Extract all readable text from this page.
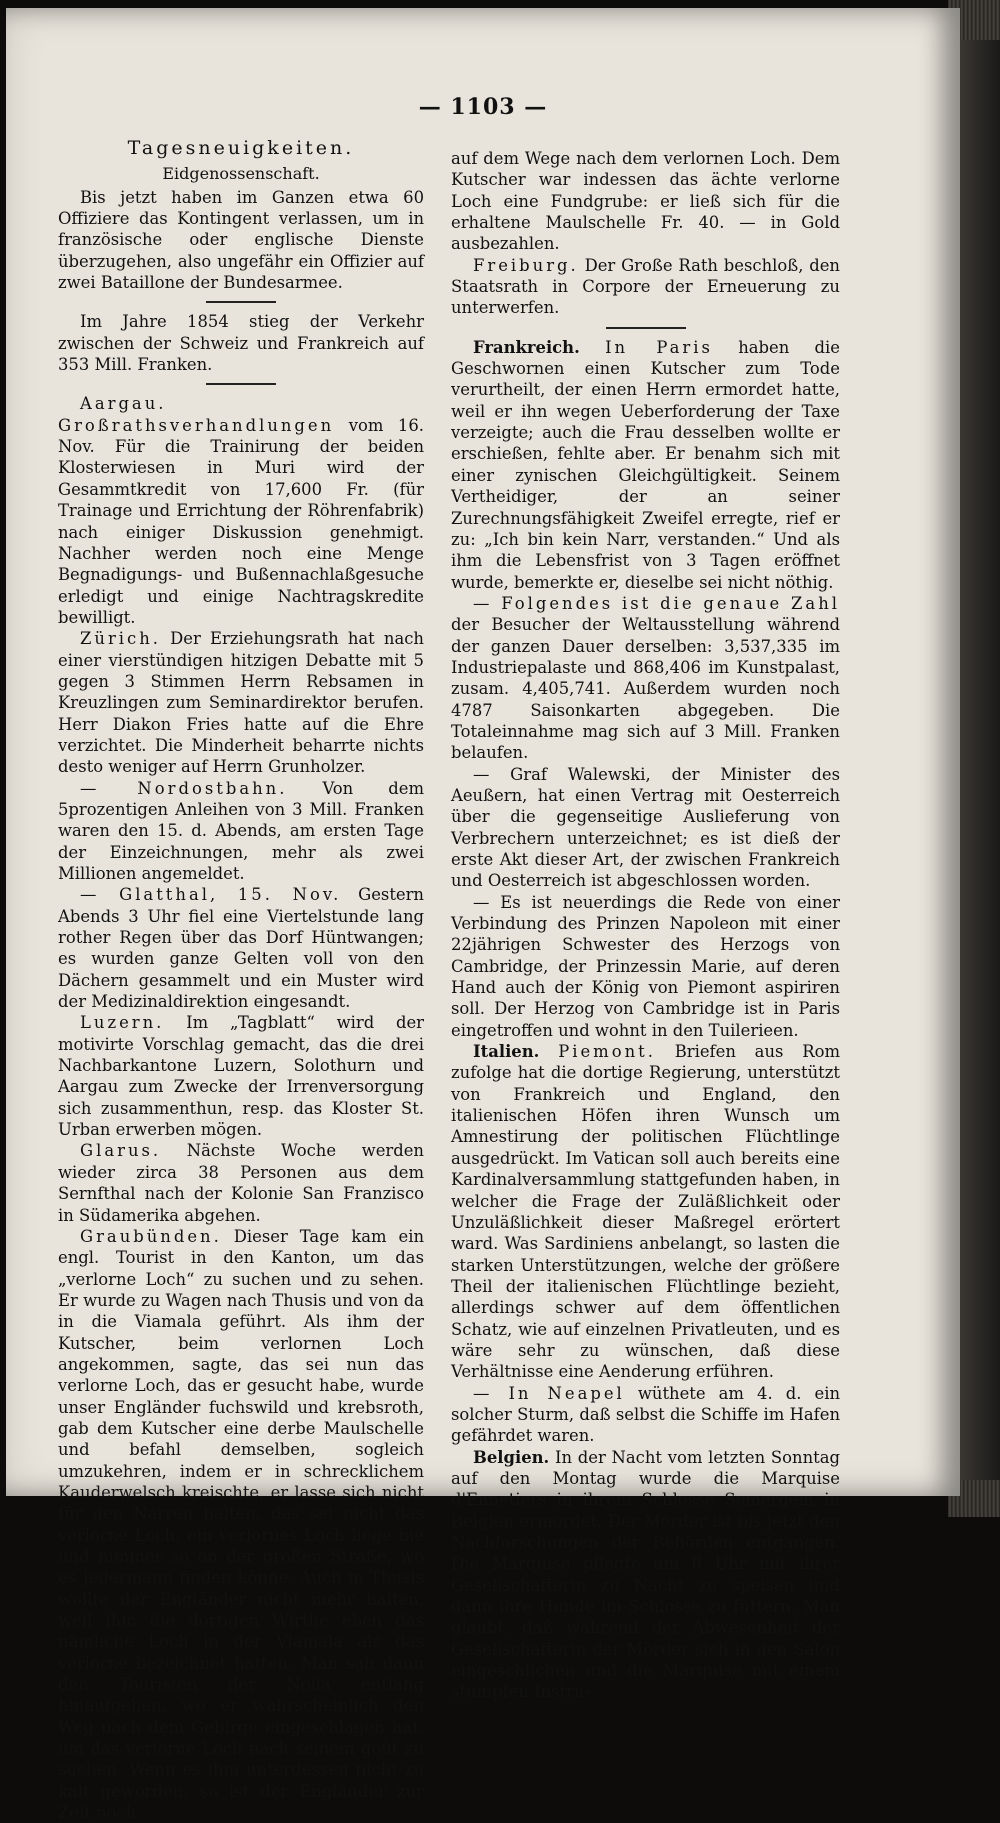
— 1103 —
Tagesneuigkeiten.
Eidgenossenschaft.

Bis jetzt haben im Ganzen etwa 60 Offiziere das Kontingent verlassen, um in französische oder englische Dienste überzugehen, also ungefähr ein Offizier auf zwei Bataillone der Bundesarmee.

Im Jahre 1854 stieg der Verkehr zwischen der Schweiz und Frankreich auf 353 Mill. Franken.

Aargau. Großrathsverhandlungen vom 16. Nov. Für die Trainirung der beiden Klosterwiesen in Muri wird der Gesammtkredit von 17,600 Fr. (für Trainage und Errichtung der Röhrenfabrik) nach einiger Diskussion genehmigt. Nachher werden noch eine Menge Begnadigungs- und Bußennachlaßgesuche erledigt und einige Nachtragskredite bewilligt.

Zürich. Der Erziehungsrath hat nach einer vierstündigen hitzigen Debatte mit 5 gegen 3 Stimmen Herrn Rebsamen in Kreuzlingen zum Seminardirektor berufen. Herr Diakon Fries hatte auf die Ehre verzichtet. Die Minderheit beharrte nichts desto weniger auf Herrn Grunholzer.

— Nordostbahn. Von dem 5prozentigen Anleihen von 3 Mill. Franken waren den 15. d. Abends, am ersten Tage der Einzeichnungen, mehr als zwei Millionen angemeldet.

— Glatthal, 15. Nov. Gestern Abends 3 Uhr fiel eine Viertelstunde lang rother Regen über das Dorf Hüntwangen; es wurden ganze Gelten voll von den Dächern gesammelt und ein Muster wird der Medizinaldirektion eingesandt.

Luzern. Im „Tagblatt“ wird der motivirte Vorschlag gemacht, das die drei Nachbarkantone Luzern, Solothurn und Aargau zum Zwecke der Irrenversorgung sich zusammenthun, resp. das Kloster St. Urban erwerben mögen.

Glarus. Nächste Woche werden wieder zirca 38 Personen aus dem Sernfthal nach der Kolonie San Franzisco in Südamerika abgehen.

Graubünden. Dieser Tage kam ein engl. Tourist in den Kanton, um das „verlorne Loch“ zu suchen und zu sehen. Er wurde zu Wagen nach Thusis und von da in die Viamala geführt. Als ihm der Kutscher, beim verlornen Loch angekommen, sagte, das sei nun das verlorne Loch, das er gesucht habe, wurde unser Engländer fuchswild und krebsroth, gab dem Kutscher eine derbe Maulschelle und befahl demselben, sogleich umzukehren, indem er in schrecklichem Kauderwelsch kreischte, er lasse sich nicht für den Narren halten, das sei nicht das verlorne Loch, ein verlornes Loch liege nie und nimmer so an der großen Straße, wo es Jedermann finden könne. Auch in Thusis wollte der Engländer nicht mehr halten, weil ihm die dortigen Wirthe eben das nämliche Loch in der Viamala als das verlorne bezeichnet hatten. Man sah dann den Touristen der Nolla entlang hinaufgehen, wo er wahrscheinlich den Weg nach dem Gebirge eingeschlagen hat, um das verlorne Loch nach seinem goût zu suchen. Wenn es ihm unterdessen nicht zu kalt geworden, so ist der Engländer zur Zeit noch

auf dem Wege nach dem verlornen Loch. Dem Kutscher war indessen das ächte verlorne Loch eine Fundgrube: er ließ sich für die erhaltene Maulschelle Fr. 40. — in Gold ausbezahlen.

Freiburg. Der Große Rath beschloß, den Staatsrath in Corpore der Erneuerung zu unterwerfen.

Frankreich. In Paris haben die Geschwornen einen Kutscher zum Tode verurtheilt, der einen Herrn ermordet hatte, weil er ihn wegen Ueberforderung der Taxe verzeigte; auch die Frau desselben wollte er erschießen, fehlte aber. Er benahm sich mit einer zynischen Gleichgültigkeit. Seinem Vertheidiger, der an seiner Zurechnungsfähigkeit Zweifel erregte, rief er zu: „Ich bin kein Narr, verstanden.“ Und als ihm die Lebensfrist von 3 Tagen eröffnet wurde, bemerkte er, dieselbe sei nicht nöthig.

— Folgendes ist die genaue Zahl der Besucher der Weltausstellung während der ganzen Dauer derselben: 3,537,335 im Industriepalaste und 868,406 im Kunstpalast, zusam. 4,405,741. Außerdem wurden noch 4787 Saisonkarten abgegeben. Die Totaleinnahme mag sich auf 3 Mill. Franken belaufen.

— Graf Walewski, der Minister des Aeußern, hat einen Vertrag mit Oesterreich über die gegenseitige Auslieferung von Verbrechern unterzeichnet; es ist dieß der erste Akt dieser Art, der zwischen Frankreich und Oesterreich ist abgeschlossen worden.

— Es ist neuerdings die Rede von einer Verbindung des Prinzen Napoleon mit einer 22jährigen Schwester des Herzogs von Cambridge, der Prinzessin Marie, auf deren Hand auch der König von Piemont aspiriren soll. Der Herzog von Cambridge ist in Paris eingetroffen und wohnt in den Tuilerieen.

Italien. Piemont. Briefen aus Rom zufolge hat die dortige Regierung, unterstützt von Frankreich und England, den italienischen Höfen ihren Wunsch um Amnestirung der politischen Flüchtlinge ausgedrückt. Im Vatican soll auch bereits eine Kardinalversammlung stattgefunden haben, in welcher die Frage der Zuläßlichkeit oder Unzuläßlichkeit dieser Maßregel erörtert ward. Was Sardiniens anbelangt, so lasten die starken Unterstützungen, welche der größere Theil der italienischen Flüchtlinge bezieht, allerdings schwer auf dem öffentlichen Schatz, wie auf einzelnen Privatleuten, und es wäre sehr zu wünschen, daß diese Verhältnisse eine Aenderung erführen.

— In Neapel wüthete am 4. d. ein solcher Sturm, daß selbst die Schiffe im Hafen gefährdet waren.

Belgien. In der Nacht vom letzten Sonntag auf den Montag wurde die Marquise d'Ennetiers in ihrem Schlosse Semergem in Belgien ermordet. Der Mörder ist bis jetzt den Nachforschungen der Behörden entgangen. Die Marquise pflegte um 8 Uhr mit ihrer Gesellschafterin zu Nacht zu speisen und dann ihre Hunde im Schlosse zu füttern. Man glaubt, daß während der Abwesenheit der Gesellschafterin der Mörder sich in den Salon eingeschlichen und die Marquise mit einem stumpfen Instru-
